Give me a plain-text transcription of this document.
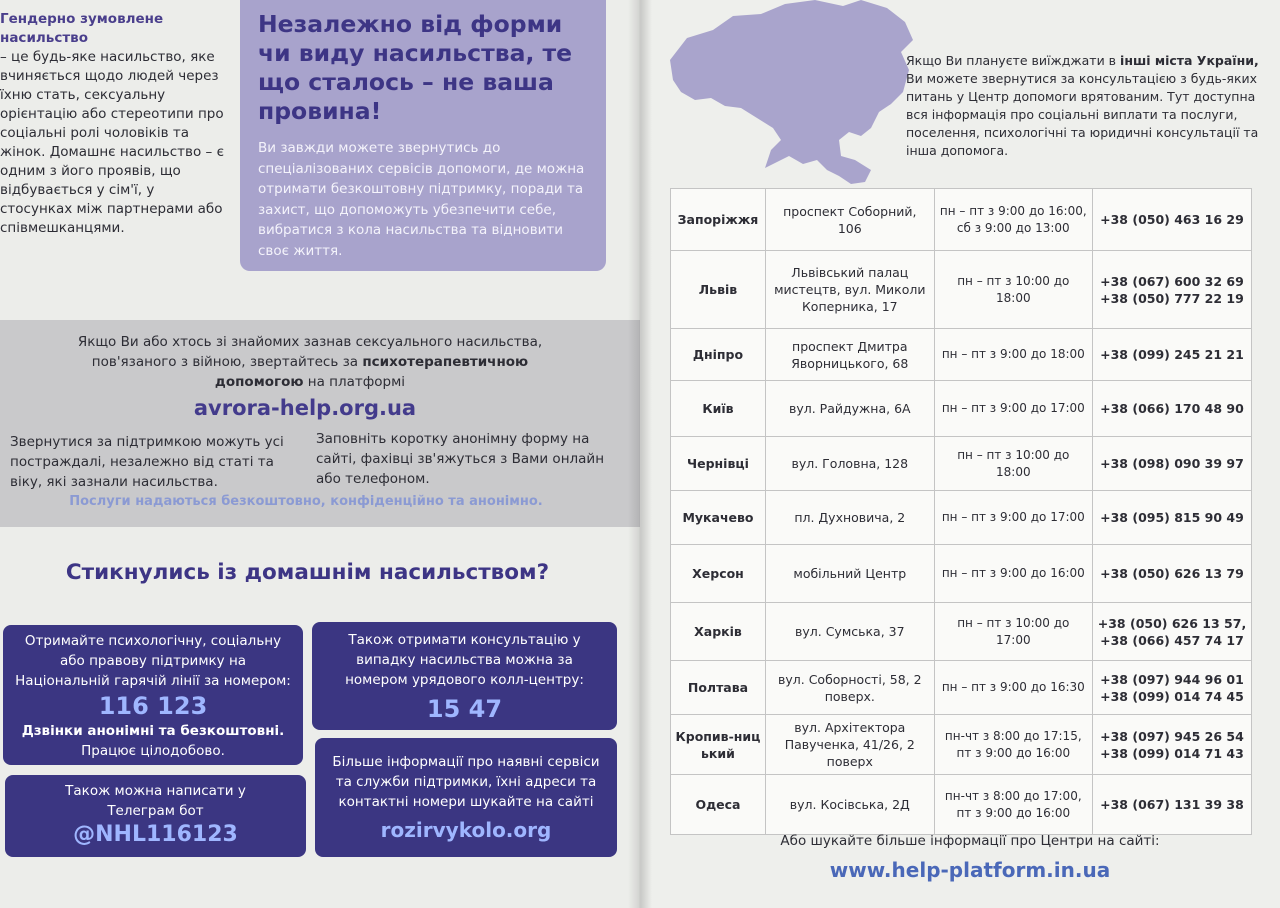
Гендерно зумовлене насильство
– це будь-яке насильство, яке вчиняється щодо людей через їхню стать, сексуальну орієнтацію або стереотипи про соціальні ролі чоловіків та жінок. Домашнє насильство – є одним з його проявів, що відбувається у сім'ї, у стосунках між партнерами або співмешканцями.
Незалежно від форми чи виду насильства, те що сталось – не ваша провина!
Ви завжди можете звернутись до спеціалізованих сервісів допомоги, де можна отримати безкоштовну підтримку, поради та захист, що допоможуть убезпечити себе, вибратися з кола насильства та відновити своє життя.
Якщо Ви або хтось зі знайомих зазнав сексуального насильства, пов'язаного з війною, звертайтесь за психотерапевтичною допомогою на платформі
avrora-help.org.ua
Звернутися за підтримкою можуть усі постраждалі, незалежно від статі та віку, які зазнали насильства.
Заповніть коротку анонімну форму на сайті, фахівці зв'яжуться з Вами онлайн або телефоном.
Послуги надаються безкоштовно, конфіденційно та анонімно.
Стикнулись із домашнім насильством?
Отримайте психологічну, соціальну або правову підтримку на Національній гарячій лінії за номером:
116 123
Дзвінки анонімні та безкоштовні.
Працює цілодобово.
Також отримати консультацію у випадку насильства можна за номером урядового колл-центру:
15 47
Також можна написати у Телеграм бот
@NHL116123
Більше інформації про наявні сервіси та служби підтримки, їхні адреси та контактні номери шукайте на сайті
rozirvykolo.org
Якщо Ви плануєте виїжджати в інші міста України, Ви можете звернутися за консультацією з будь-яких питань у Центр допомоги врятованим. Тут доступна вся інформація про соціальні виплати та послуги, поселення, психологічні та юридичні консультації та інша допомога.
Запоріжжя	проспект Соборний, 106	пн – пт з 9:00 до 16:00, сб з 9:00 до 13:00	+38 (050) 463 16 29

Львів	Львівський палац мистецтв, вул. Миколи Коперника, 17	пн – пт з 10:00 до 18:00	+38 (067) 600 32 69
+38 (050) 777 22 19

Дніпро	проспект Дмитра Яворницького, 68	пн – пт з 9:00 до 18:00	+38 (099) 245 21 21

Київ	вул. Райдужна, 6А	пн – пт з 9:00 до 17:00	+38 (066) 170 48 90

Чернівці	вул. Головна, 128	пн – пт з 10:00 до 18:00	+38 (098) 090 39 97

Мукачево	пл. Духновича, 2	пн – пт з 9:00 до 17:00	+38 (095) 815 90 49

Херсон	мобільний Центр	пн – пт з 9:00 до 16:00	+38 (050) 626 13 79

Харків	вул. Сумська, 37	пн – пт з 10:00 до 17:00	+38 (050) 626 13 57,
+38 (066) 457 74 17

Полтава	вул. Соборності, 58, 2 поверх.	пн – пт з 9:00 до 16:30	+38 (097) 944 96 01
+38 (099) 014 74 45

Кропив-ницький	вул. Архітектора Павученка, 41/26, 2 поверх	пн-чт з 8:00 до 17:15, пт з 9:00 до 16:00	+38 (097) 945 26 54
+38 (099) 014 71 43

Одеса	вул. Косівська, 2Д	пн-чт з 8:00 до 17:00, пт з 9:00 до 16:00	+38 (067) 131 39 38
Або шукайте більше інформації про Центри на сайті:
www.help-platform.in.ua
